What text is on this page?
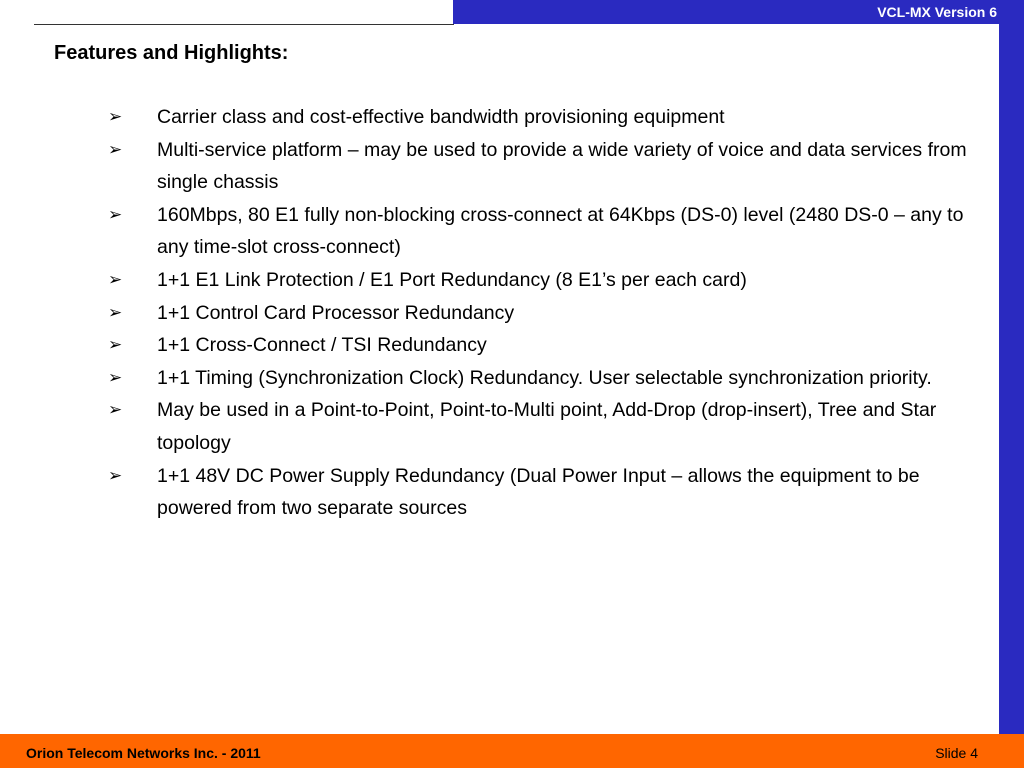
VCL-MX Version 6
Features and Highlights:
➢	Carrier class and cost-effective bandwidth provisioning equipment
➢	Multi-service platform – may be used to provide a wide variety of voice and data services from single chassis
➢	160Mbps, 80 E1 fully non-blocking cross-connect at 64Kbps (DS-0) level (2480 DS-0 – any to any time-slot cross-connect)
➢	1+1 E1 Link Protection / E1 Port Redundancy (8 E1’s per each card)
➢	1+1 Control Card Processor Redundancy
➢	1+1 Cross-Connect / TSI Redundancy
➢	1+1 Timing (Synchronization Clock) Redundancy. User selectable synchronization priority.
➢	May be used in a Point-to-Point, Point-to-Multi point, Add-Drop (drop-insert), Tree and Star topology
➢	1+1 48V DC Power Supply Redundancy (Dual Power Input – allows the equipment to be powered from two separate sources
Orion Telecom Networks Inc. - 2011	Slide 4
